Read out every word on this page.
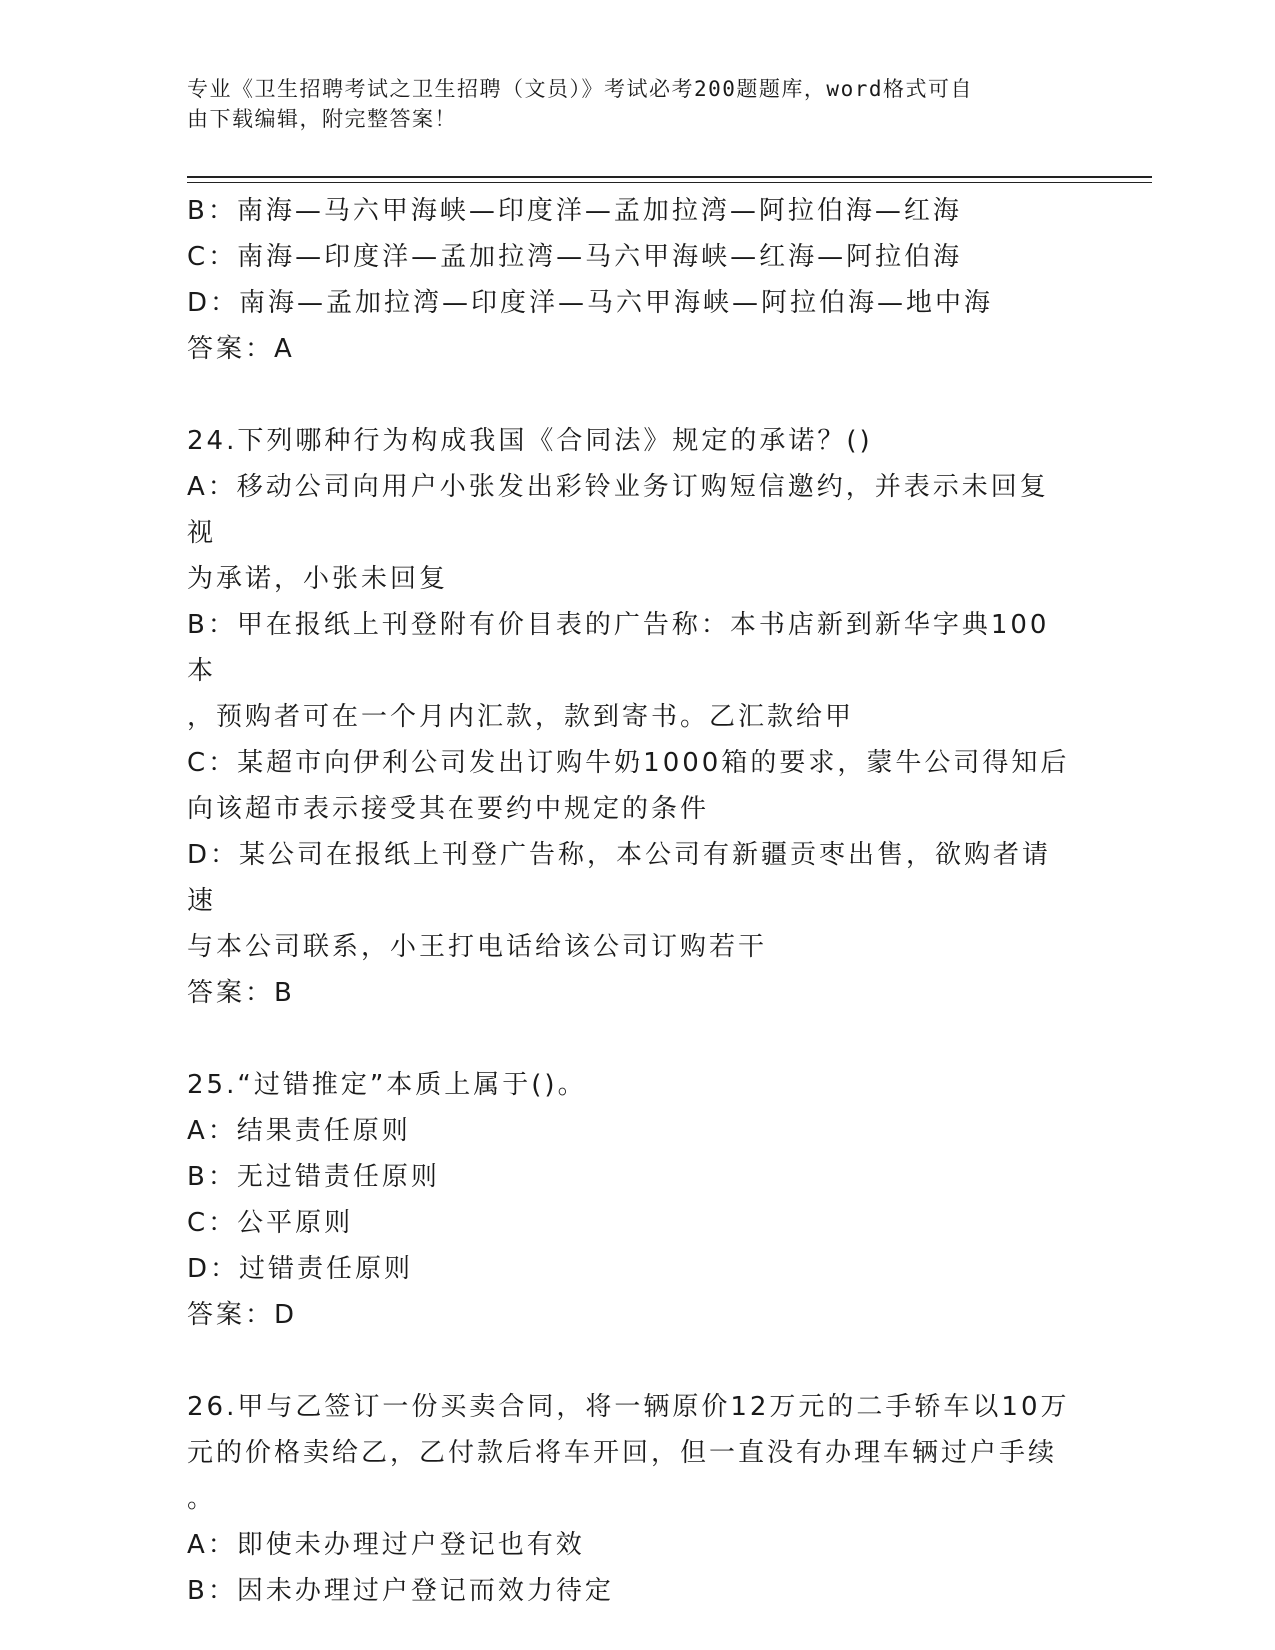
专业《卫生招聘考试之卫生招聘（文员）》考试必考200题题库，word格式可自
由下载编辑，附完整答案！
B：南海—马六甲海峡—印度洋—孟加拉湾—阿拉伯海—红海
C：南海—印度洋—孟加拉湾—马六甲海峡—红海—阿拉伯海
D：南海—孟加拉湾—印度洋—马六甲海峡—阿拉伯海—地中海
答案：A
24.下列哪种行为构成我国《合同法》规定的承诺？()
A：移动公司向用户小张发出彩铃业务订购短信邀约，并表示未回复视
为承诺，小张未回复
B：甲在报纸上刊登附有价目表的广告称：本书店新到新华字典100本
，预购者可在一个月内汇款，款到寄书。乙汇款给甲
C：某超市向伊利公司发出订购牛奶1000箱的要求，蒙牛公司得知后
向该超市表示接受其在要约中规定的条件
D：某公司在报纸上刊登广告称，本公司有新疆贡枣出售，欲购者请速
与本公司联系，小王打电话给该公司订购若干
答案：B
25.“过错推定”本质上属于()。
A：结果责任原则
B：无过错责任原则
C：公平原则
D：过错责任原则
答案：D
26.甲与乙签订一份买卖合同，将一辆原价12万元的二手轿车以10万
元的价格卖给乙，乙付款后将车开回，但一直没有办理车辆过户手续
。
A：即使未办理过户登记也有效
B：因未办理过户登记而效力待定
